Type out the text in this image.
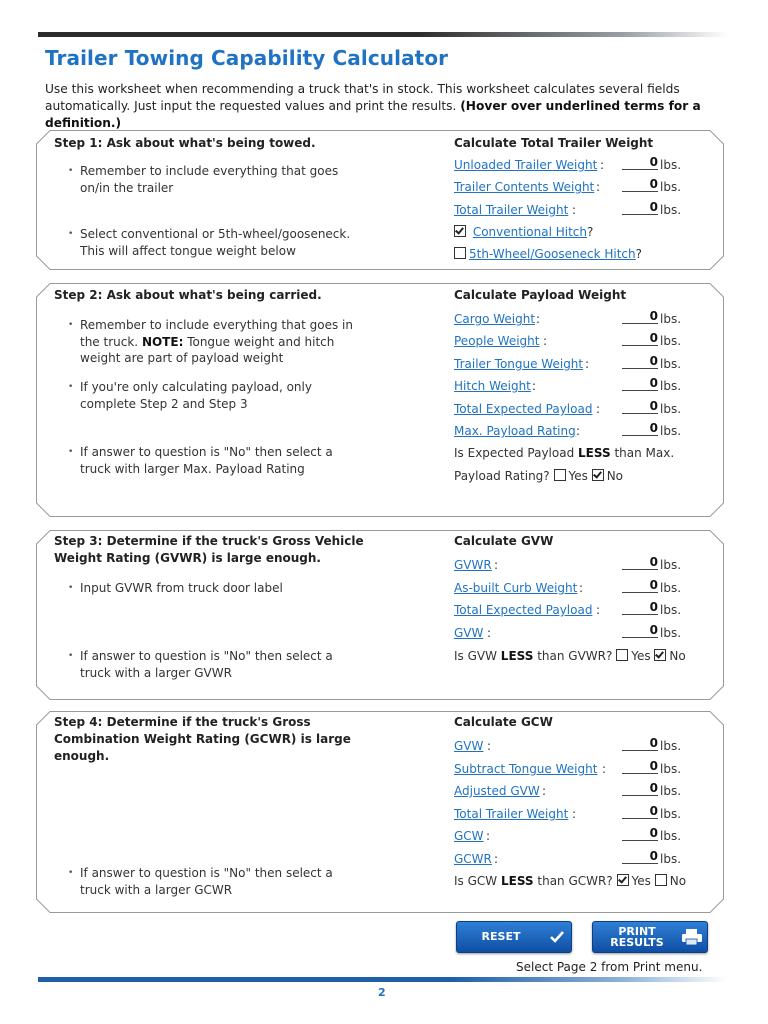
Trailer Towing Capability Calculator
Use this worksheet when recommending a truck that's in stock. This worksheet calculates several fields automatically. Just input the requested values and print the results. (Hover over underlined terms for a definition.)
Step 1: Ask about what's being towed.
• Remember to include everything that goes on/in the trailer
• Select conventional or 5th-wheel/gooseneck. This will affect tongue weight below
Calculate Total Trailer Weight
Unloaded Trailer Weight :	0 lbs.
Trailer Contents Weight :	0 lbs.
Total Trailer Weight :	0 lbs.
Conventional Hitch?
5th-Wheel/Gooseneck Hitch?
Step 2: Ask about what's being carried.
• Remember to include everything that goes in the truck. NOTE: Tongue weight and hitch weight are part of payload weight
• If you're only calculating payload, only complete Step 2 and Step 3
• If answer to question is "No" then select a truck with larger Max. Payload Rating
Calculate Payload Weight
Cargo Weight :	0 lbs.
People Weight :	0 lbs.
Trailer Tongue Weight :	0 lbs.
Hitch Weight :	0 lbs.
Total Expected Payload :	0 lbs.
Max. Payload Rating :	0 lbs.
Is Expected Payload LESS than Max.
Payload Rating? Yes No
Step 3: Determine if the truck's Gross Vehicle Weight Rating (GVWR) is large enough.
• Input GVWR from truck door label
• If answer to question is "No" then select a truck with a larger GVWR
Calculate GVW
GVWR :	0 lbs.
As-built Curb Weight :	0 lbs.
Total Expected Payload :	0 lbs.
GVW :	0 lbs.
Is GVW LESS than GVWR? Yes No
Step 4: Determine if the truck's Gross Combination Weight Rating (GCWR) is large enough.
• If answer to question is "No" then select a truck with a larger GCWR
Calculate GCW
GVW :	0 lbs.
Subtract Tongue Weight :	0 lbs.
Adjusted GVW :	0 lbs.
Total Trailer Weight :	0 lbs.
GCW :	0 lbs.
GCWR :	0 lbs.
Is GCW LESS than GCWR? Yes No
RESET	PRINT
RESULTS
Select Page 2 from Print menu.
2
